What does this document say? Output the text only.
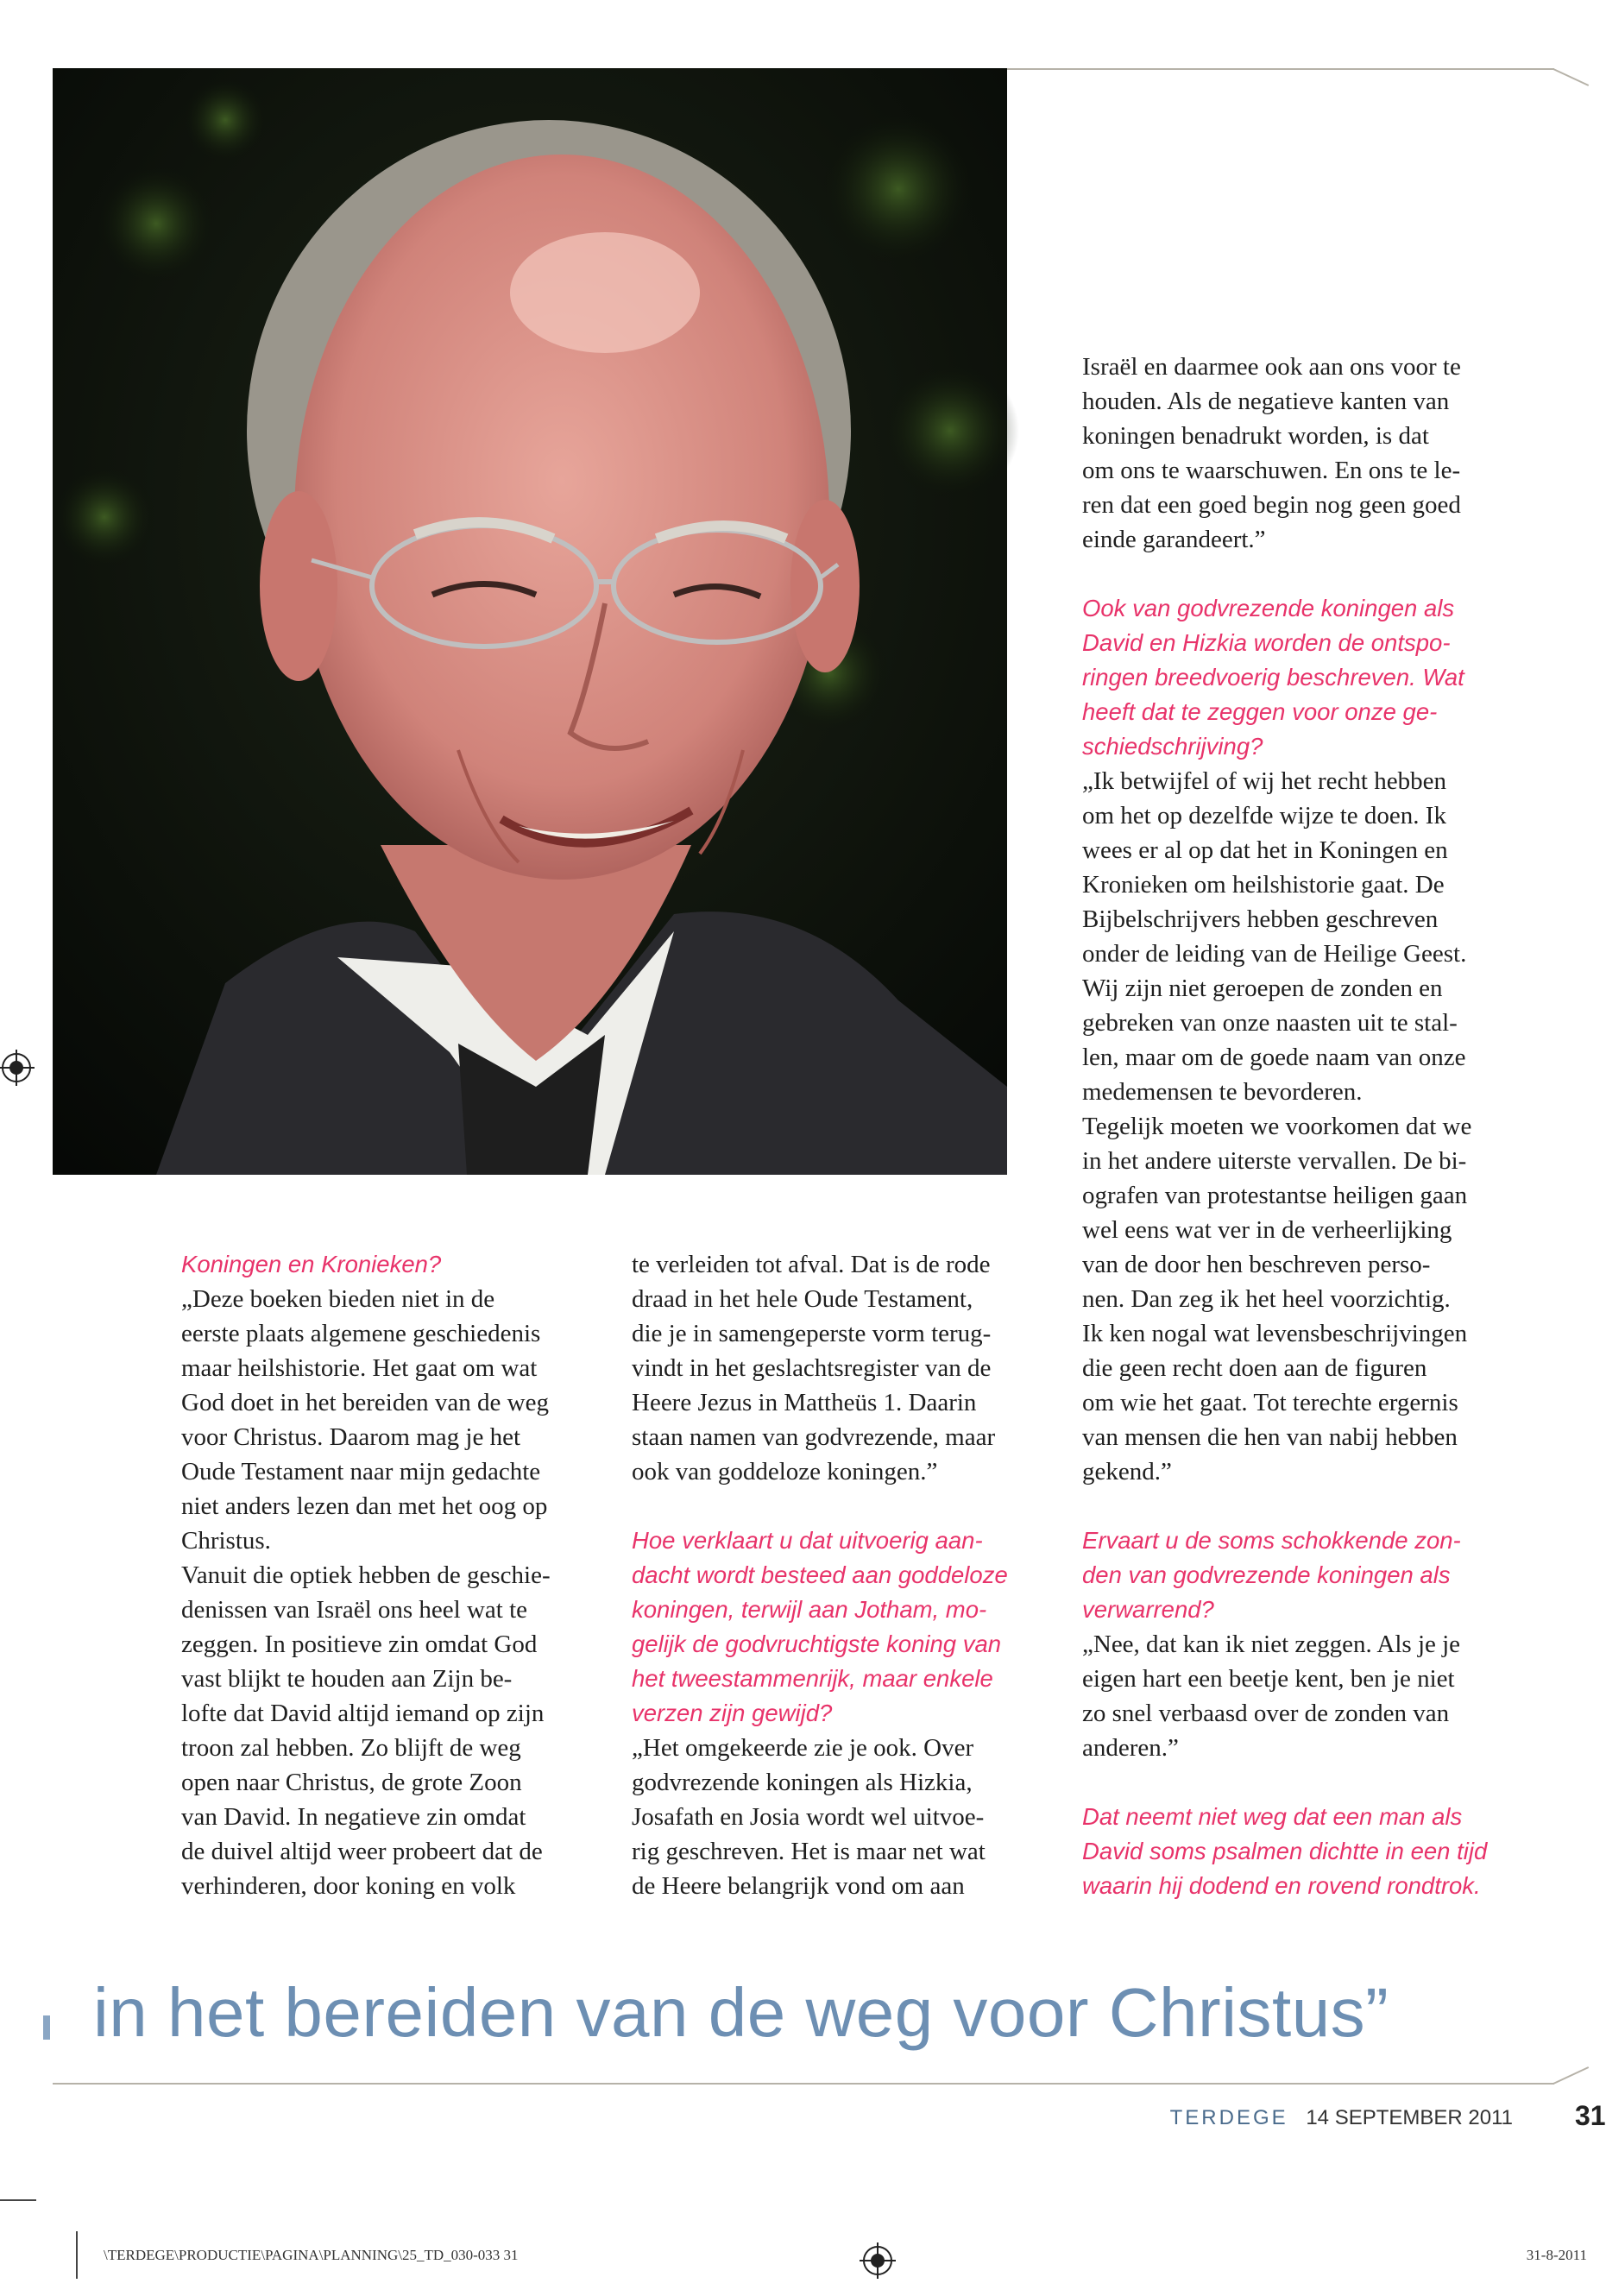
Koningen en Kronieken?

„Deze boeken bieden niet in de

eerste plaats algemene geschiedenis

maar heilshistorie. Het gaat om wat

God doet in het bereiden van de weg

voor Christus. Daarom mag je het

Oude Testament naar mijn gedachte

niet anders lezen dan met het oog op

Christus.

Vanuit die optiek hebben de geschie-

denissen van Israël ons heel wat te

zeggen. In positieve zin omdat God

vast blijkt te houden aan Zijn be-

lofte dat David altijd iemand op zijn

troon zal hebben. Zo blijft de weg

open naar Christus, de grote Zoon

van David. In negatieve zin omdat

de duivel altijd weer probeert dat de

verhinderen, door koning en volk

te verleiden tot afval. Dat is de rode

draad in het hele Oude Testament,

die je in samengeperste vorm terug-

vindt in het geslachtsregister van de

Heere Jezus in Mattheüs 1. Daarin

staan namen van godvrezende, maar

ook van goddeloze koningen.”

Hoe verklaart u dat uitvoerig aan-

dacht wordt besteed aan goddeloze

koningen, terwijl aan Jotham, mo-

gelijk de godvruchtigste koning van

het tweestammenrijk, maar enkele

verzen zijn gewijd?

„Het omgekeerde zie je ook. Over

godvrezende koningen als Hizkia,

Josafath en Josia wordt wel uitvoe-

rig geschreven. Het is maar net wat

de Heere belangrijk vond om aan

Israël en daarmee ook aan ons voor te

houden. Als de negatieve kanten van

koningen benadrukt worden, is dat

om ons te waarschuwen. En ons te le-

ren dat een goed begin nog geen goed

einde garandeert.”

Ook van godvrezende koningen als

David en Hizkia worden de ontspo-

ringen breedvoerig beschreven. Wat

heeft dat te zeggen voor onze ge-

schiedschrijving?

„Ik betwijfel of wij het recht hebben

om het op dezelfde wijze te doen. Ik

wees er al op dat het in Koningen en

Kronieken om heilshistorie gaat. De

Bijbelschrijvers hebben geschreven

onder de leiding van de Heilige Geest.

Wij zijn niet geroepen de zonden en

gebreken van onze naasten uit te stal-

len, maar om de goede naam van onze

medemensen te bevorderen.

Tegelijk moeten we voorkomen dat we

in het andere uiterste vervallen. De bi-

ografen van protestantse heiligen gaan

wel eens wat ver in de verheerlijking

van de door hen beschreven perso-

nen. Dan zeg ik het heel voorzichtig.

Ik ken nogal wat levensbeschrijvingen

die geen recht doen aan de figuren

om wie het gaat. Tot terechte ergernis

van mensen die hen van nabij hebben

gekend.”

Ervaart u de soms schokkende zon-

den van godvrezende koningen als

verwarrend?

„Nee, dat kan ik niet zeggen. Als je je

eigen hart een beetje kent, ben je niet

zo snel verbaasd over de zonden van

anderen.”

Dat neemt niet weg dat een man als

David soms psalmen dichtte in een tijd

waarin hij dodend en rovend rondtrok.

in het bereiden van de weg voor Christus”
TERDEGE 14 SEPTEMBER 2011 31
\TERDEGE\PRODUCTIE\PAGINA\PLANNING\25_TD_030-033 31	31-8-2011
